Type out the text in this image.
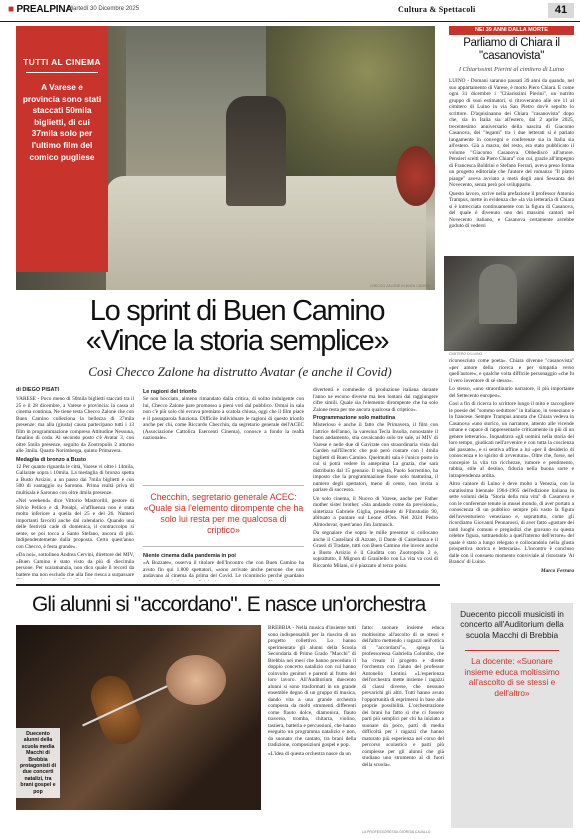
■ PREALPINA
Martedì 30 Dicembre 2025	Cultura & Spettacoli	41
CHECCO ZALONE IN BUEN CAMINO
TUTTI AL CINEMA
A Varese e provincia sono stati staccati 50mila biglietti, di cui 37mila solo per l'ultimo film del comico pugliese
Lo sprint di Buen Camino
«Vince la storia semplice»
Così Checco Zalone ha distrutto Avatar (e anche il Covid)
di DIEGO PISATI

VARESE - Poco meno di 50mila biglietti staccati tra il 25 e il 28 dicembre, a Varese e provincia: la cassa al cinema continua. Ne tiene testa Checco Zalone che con Buen Camino colleziona la bellezza di 37mila presenze: ma alla (giusta) causa partecipano tutti i 13 film in programmazione compreso Attitudine Nessuna, fanalino di coda. Al secondo posto c'è Avatar 3, con oltre 5mila presenze, seguito da Zootropolis 2 attorno alle 3mila. Quarto Norimberga, quinto Primavera.

Medaglia di bronzo a Busto

12 Per quanto riguarda le città, Varese vi oltre i 14mila, Gallarate sopra i 10mila. La medaglia di bronzo spetta a Busto Arsizio, a un passo dai 7mila biglietti e con 500 di vantaggio su Saronno. Prima realtà priva di multisala è Saronno con oltre 4mila presenze.

«Nel weekend» dice Vittorio Mastrorilli, gestore di Silvio Pellico e di Prealpi, «l'affluenza non è stata molto inferiore a quella del 25 e del 26. Numeri importanti favoriti anche dal calendario. Quando una delle festività cade di domenica, il contraccolpo si sente, se poi tocca a Santo Stefano, ancora di più. Indipendentemente dalla proposta. Certo quest'anno con Checco, è festa grande».

«Da noi», sottolinea Andrea Cervini, direttore del MIV, «Buen Camino è stato visto da più di diecimila persone. Per scaramanzia, non dico quale il record da battere ma non escludo che alla fine riesca a surpassare

Le ragioni del trionfo

Se non bocciato, almeno rimandato dalla critica, di solito indulgente con lui, Checco Zalone pare promosso a pieni voti dal pubblico. Ormai in sala non c'è più solo chi evrava premiato a scatola chiusa, oggi che il film piace e il passaparola funziona. Difficile individuare le ragioni di questo trionfo anche per chi, come Riccardo Checchin, da segretario generale dell'ACEC (Associazione Cattolica Esercenti Cinema), conosce a fondo la realtà nazionale».

Checchin, segretario generale ACEC: «Quale sia l'elemento dirompente che ha solo lui resta per me qualcosa di criptico»

Niente cinema dalla pandemia in poi

«A Bozzate», osserva il titolare dell'Incontro che con Buen Camino ha avuto fin qui 1.800 spettatori, «sono arrivate anche persone che non andavano al cinema da prima del Covid. Le ricomincio perché guardano

divertenti e commedie di produzione italiana durante l'anno ne escono diverse ma ben lontani dal raggiungere cifre simili. Quale sia l'elemento dirompente che ha solo Zalone resta per me ancora qualcosa di criptico».

Programmazione solo mattutina

Misterioso è anche il fatto che Primavera, il film con l'attrice dell'anno, la varesina Tecla Insolia, nonostante il buon andamento, stia cavalcando solo tre sale, al MIV di Varese e nelle due di Gavirate con straordinaria vista dal Garden sull'Electric che può però contare con l 4mila biglietti di Buen Camino. Quelmulti sala è l'unico posto in cui si potrà vedere in anteprima La grazia, che sarà distribuito dal 15 gennaio. Il regista, Paolo Sorrentino, ha imposto che la programmazione fosse solo mattutina, il numero degli spettatori, meno di cento, non invita a parlare di successo.

Un solo cinema, il Nuovo di Varese, anche per Father mother sister brother. «Sta andando come da previsioni», sintetizza Gabriele Giglia, presidente di Filmstudio 90, abituato a puntare sul Leone d'Oro. Nel 2024 Pedro Almodovar, quest'anno Jim Jarmusch.

Da segnalare che sopra le mille presenze si collocano anche il Castellani di Azzate, il Dante di Castellanza e il Grassi di Tradate, tutti con Buen Camino che invece anche a Busto Arsizio è il Giuditta con Zootropolis 2 e, soprattutto, il Mignon di Granitello con La vita va così di Riccardo Milani, si è piazzato al terzo posto.

NEI 39 ANNI DALLA MORTE
Parliamo di Chiara il "casanovista"
I Chiarissimi Pierini al cimitero di Luino

LUINO - Domani saranno passati 39 anni da quando, nel suo appartamento di Varese, è morto Piero Chiara. E come ogni 31 dicembre i "Chiarissimi Pierini", un nutrito gruppo di suoi estimatori, si ritroveranno alle ore 11 al cimitero di Luino in via San Pietro dov'è sepolto lo scrittore. D'aquisinanno dei Chiara "casanovista" dopo che, sia in Italia sia all'estero, dal 2 aprile 2025, trecentesimo anniversario della nascita di Giacomo Casanova, dei "legami" tra i due letterati si è parlato lungamente in convegni e conferenze sia in Italia sia all'estero. Già a marzo, del resto, era stato pubblicato il volume "Giacomo Casanova. Obbediscò all'amore. Pensieri scelti da Piero Chiara" con cui, grazie all'impegno di Francesca Boldrini e Stefano Ferrari, aveva preso forma un progetto editoriale che l'autore del romanzo "Il piatto piange" aveva avviato a metà degli anni Sessanta del Novecento, senza però poi svilupparlo.

Questo lavoro, scrive nella prefazione il professor Antonio Trampus, mette in evidenza che «la via letteraria di Chiara si è intrecciata continuamente con la figura di Casanova, del quale è divenuto uno dei massimi cantori nel Novecento italiano, e Casanova certamente avrebbe goduto di vedersi

CIMITERO DI LUINO

riconosciuto come poeta». Chiara divenne "casanovista" «per amore della ricerca e per simpatia verso quell'autore», e qualche volta difficile personaggio «che fu il vero inventore di sé stesso».

Lo stesso, «uno straordinario narratore, il più importante del Settecento europeo».

Così a fin di ricerca lo scrittore lungo il mito e raccogliere le poesie del "sommo seduttore" in italiano, in veneziano e in francese. Sempre Trampus annota che Chiara vedeva in Casanova «uno storico, un narratore, attento alle vicende umane e capace di rappresentarle criticamente in più di un genere letterario». Inquadrava «gli uomini nella storia del loro tempo, giudicati nell'avvenire e con tutta la coscienza del passato», e si sentiva affine a lui «per il desiderio di conoscenza e lo spirito di avventura». Oltre che, forse, nel concepire la vita tra ricchezze, rumore e pentimento, rabbia, stile al destino, fiducia nella buona sorte e intraprendenza ardita.

Altro cantore di Luino è deve molto a Venezia, con la curatissima biennale 1964-1965 dell'edizione italiana in sette volumi della "Storia della mia vita" di Casanova e con le conferenze tenute in musei mondo, di aver portato a conoscenza di un pubblico sempre più vasto la figura dell'avventuriero veneziano e, soprattutto, come gli ricordiamo Giovanni Pennarossi, di aver fatto «gustare dei tanti luoghi comuni e pregiudizi che gravano su questa celebre figura, sottraendolo a quell'interno dell'errore» del quale è stato a lungo relegato e collocandolo nella giusta prospettiva storica e letteraria». L'incontro è concluso dalle con il consueto momento conviviale al ristorante 'Al Branco' di Luino.

Marco Ferrara

Gli alunni si "accordano". E nasce un'orchestra
Duecento alunni della scuola media Macchi di Brebbia protagonisti di due concerti natalizi, tra brani gospel e pop

BREBBIA - Nella musica d'insieme tutti sono indispensabili per la riuscita di un progetto collettivo. Lo hanno sperimentato gli alunni della Scuola Secondaria di Primo Grado "Macchi" di Brebbia nei mesi che hanno preceduto il doppio concerto natalizio con cui hanno coinvolto genitori e parenti al frutto del loro lavoro. All'Auditorium duecento alunni si sono trasformati in un grande ensemble degno di un gruppo di musica, dando vita a una grande orchestra composta da molti strumenti differenti come flauto dolce, diamonica, flauto traverso, tromba, chitarra, violino, tastiera, batteria e percussioni, che hanno eseguito un programma natalizio e non, da suonato che cantato, tra brani della tradizione, composizioni gospel e pop.

«L'idea di questa orchestra nasce da un

fatto: suonare insieme educa moltissimo all'ascolto di se stessi e dell'altro mettendo i ragazzi nell'ottica di "accordarsi"», spiega la professoressa Gabriella Colombo, che ha creato il progetto e dirette l'orchestra con l'aiuto del professor Antonello Lentini. «L'esperienza dell'orchestra mette insieme i ragazzi di classi diverse, che nessuno prevarichi gli altri. Tutti hanno avuto l'opportunità di esprimersi in base alle proprie possibilità. L'orchestrazione dei brani ha fatto sì che ci fossero parti più semplici per chi ha iniziato a suonare da poco, parti di media difficoltà per i ragazzi che hanno maturato più esperienza nel corso del percorso scolastico e parti più complesse per gli alunni che già studiano uno strumento al di fuori della scuola».

LA PROFESSORESSA GIORGIA CAVALLO
Duecento piccoli musicisti in concerto all'Auditorium della scuola Macchi di Brebbia
La docente: «Suonare insieme educa moltissimo all'ascolto di se stessi e dell'altro»
